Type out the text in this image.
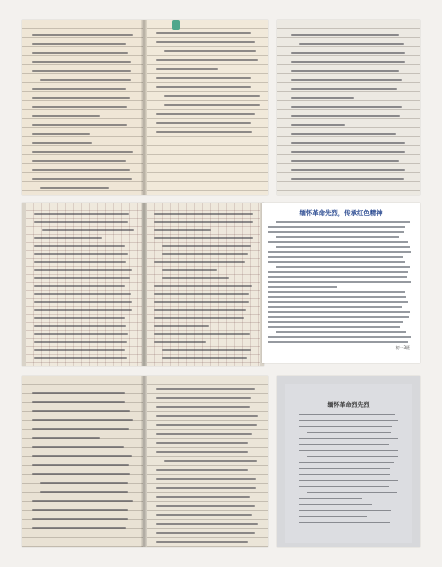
缅怀革命先烈，传承红色精神
初一3班
缅怀革命烈先烈
